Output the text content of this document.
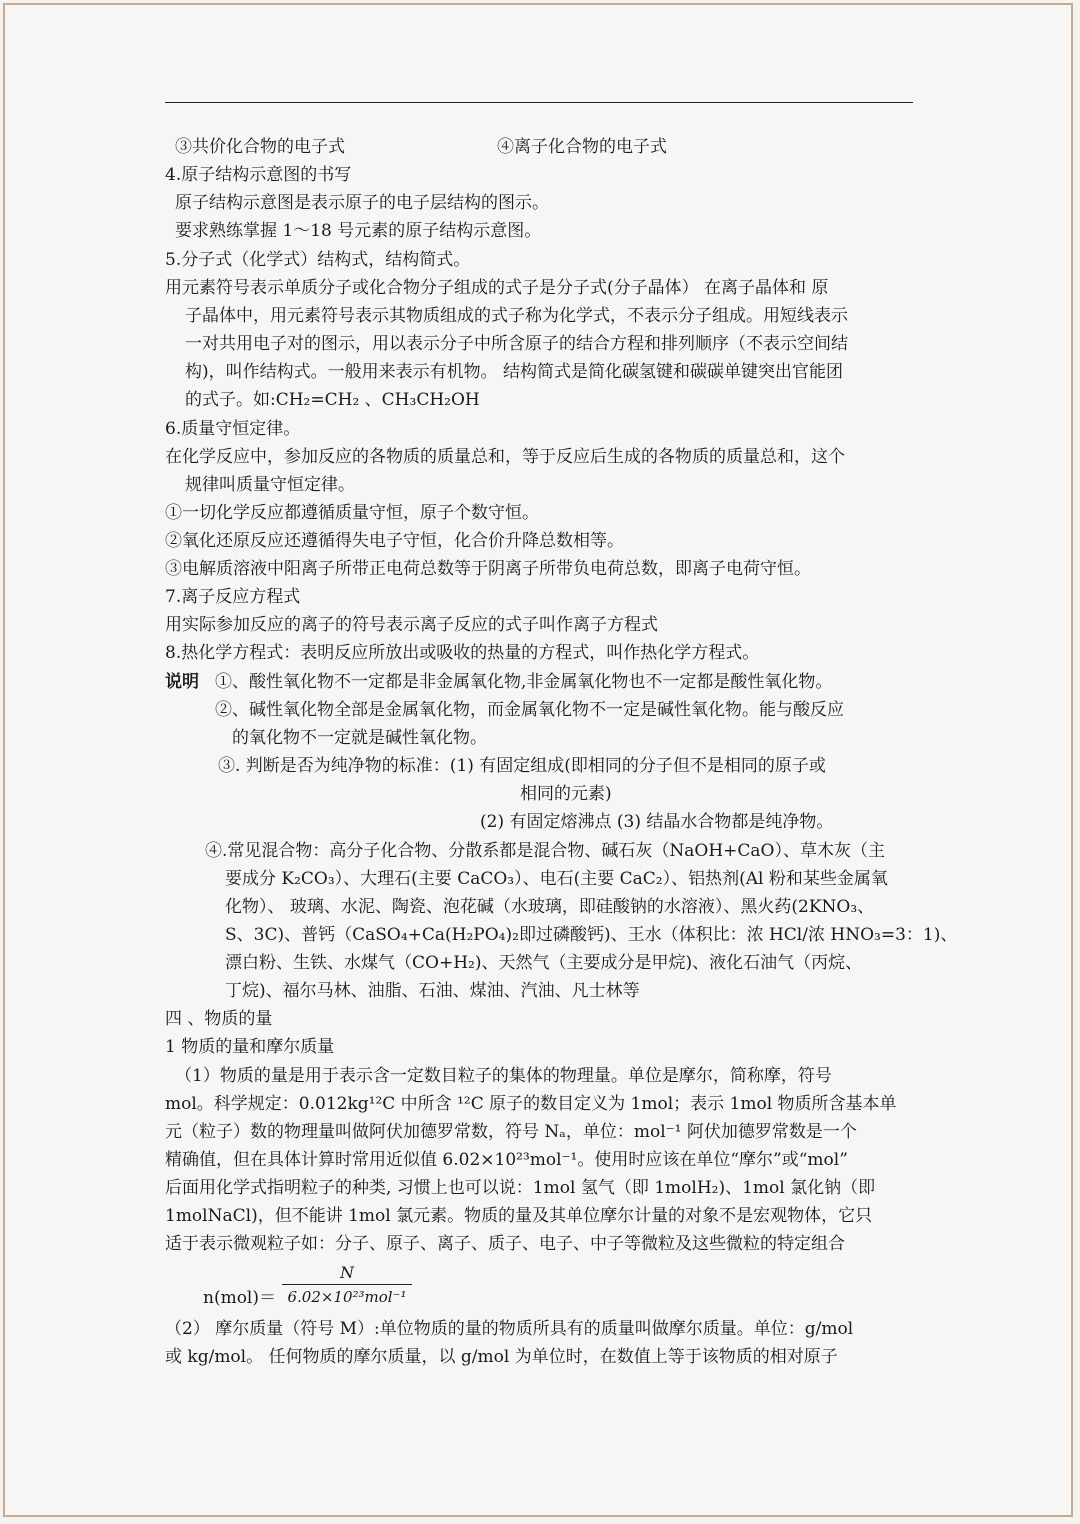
③共价化合物的电子式	④离子化合物的电子式
4.原子结构示意图的书写
原子结构示意图是表示原子的电子层结构的图示。
要求熟练掌握 1～18 号元素的原子结构示意图。
5.分子式（化学式）结构式，结构简式。
用元素符号表示单质分子或化合物分子组成的式子是分子式(分子晶体） 在离子晶体和 原
子晶体中，用元素符号表示其物质组成的式子称为化学式，不表示分子组成。用短线表示
一对共用电子对的图示，用以表示分子中所含原子的结合方程和排列顺序（不表示空间结
构)，叫作结构式。一般用来表示有机物。 结构简式是简化碳氢键和碳碳单键突出官能团
的式子。如:CH₂=CH₂ 、CH₃CH₂OH
6.质量守恒定律。
在化学反应中，参加反应的各物质的质量总和，等于反应后生成的各物质的质量总和，这个
规律叫质量守恒定律。
①一切化学反应都遵循质量守恒，原子个数守恒。
②氧化还原反应还遵循得失电子守恒，化合价升降总数相等。
③电解质溶液中阳离子所带正电荷总数等于阴离子所带负电荷总数，即离子电荷守恒。
7.离子反应方程式
用实际参加反应的离子的符号表示离子反应的式子叫作离子方程式
8.热化学方程式：表明反应所放出或吸收的热量的方程式，叫作热化学方程式。
说明 ①、酸性氧化物不一定都是非金属氧化物,非金属氧化物也不一定都是酸性氧化物。
②、碱性氧化物全部是金属氧化物，而金属氧化物不一定是碱性氧化物。能与酸反应
的氧化物不一定就是碱性氧化物。
③. 判断是否为纯净物的标准：(1) 有固定组成(即相同的分子但不是相同的原子或
相同的元素)
(2) 有固定熔沸点 (3) 结晶水合物都是纯净物。
④.常见混合物：高分子化合物、分散系都是混合物、碱石灰（NaOH+CaO）、草木灰（主
要成分 K₂CO₃）、大理石(主要 CaCO₃）、电石(主要 CaC₂）、铝热剂(Al 粉和某些金属氧
化物）、 玻璃、水泥、陶瓷、泡花碱（水玻璃，即硅酸钠的水溶液）、黑火药(2KNO₃、
S、3C)、普钙（CaSO₄+Ca(H₂PO₄)₂即过磷酸钙)、王水（体积比：浓 HCl/浓 HNO₃=3：1)、
漂白粉、生铁、水煤气（CO+H₂)、天然气（主要成分是甲烷)、液化石油气（丙烷、
丁烷)、福尔马林、油脂、石油、煤油、汽油、凡士林等
四 、物质的量
1 物质的量和摩尔质量
（1）物质的量是用于表示含一定数目粒子的集体的物理量。单位是摩尔，简称摩，符号
mol。科学规定：0.012kg¹²C 中所含 ¹²C 原子的数目定义为 1mol；表示 1mol 物质所含基本单
元（粒子）数的物理量叫做阿伏加德罗常数，符号 Nₐ，单位：mol⁻¹ 阿伏加德罗常数是一个
精确值，但在具体计算时常用近似值 6.02×10²³mol⁻¹。使用时应该在单位“摩尔”或“mol”
后面用化学式指明粒子的种类, 习惯上也可以说：1mol 氢气（即 1molH₂)、1mol 氯化钠（即
1molNaCl)，但不能讲 1mol 氯元素。物质的量及其单位摩尔计量的对象不是宏观物体，它只
适于表示微观粒子如：分子、原子、离子、质子、电子、中子等微粒及这些微粒的特定组合
n(mol)＝
（2） 摩尔质量（符号 M）:单位物质的量的物质所具有的质量叫做摩尔质量。单位：g/mol
或 kg/mol。 任何物质的摩尔质量，以 g/mol 为单位时，在数值上等于该物质的相对原子
N
6.02×10²³mol⁻¹
